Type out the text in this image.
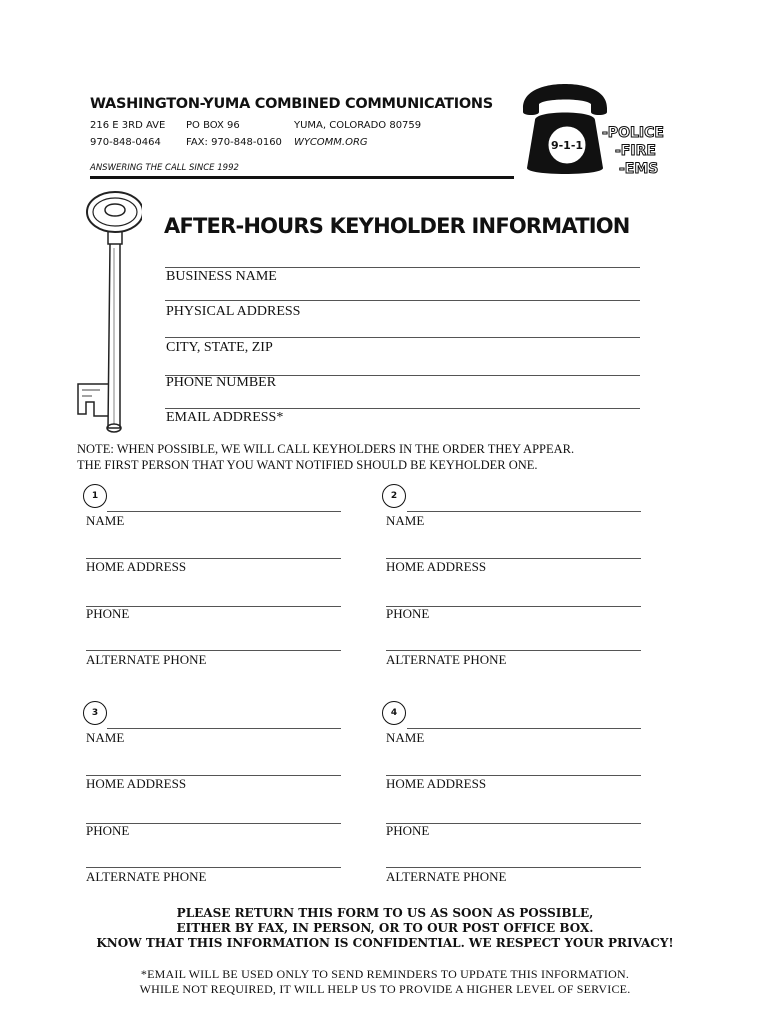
WASHINGTON-YUMA COMBINED COMMUNICATIONS
216 E 3RD AVE PO BOX 96	YUMA, COLORADO 80759
970-848-0464	FAX: 970-848-0160 WYCOMM.ORG
ANSWERING THE CALL SINCE 1992
9-1-1
-POLICE
-FIRE
-EMS
AFTER-HOURS KEYHOLDER INFORMATION
BUSINESS NAME
PHYSICAL ADDRESS
CITY, STATE, ZIP
PHONE NUMBER
EMAIL ADDRESS*
NOTE: WHEN POSSIBLE, WE WILL CALL KEYHOLDERS IN THE ORDER THEY APPEAR.
THE FIRST PERSON THAT YOU WANT NOTIFIED SHOULD BE KEYHOLDER ONE.
1
NAME
HOME ADDRESS
PHONE
ALTERNATE PHONE
2
NAME
HOME ADDRESS
PHONE
ALTERNATE PHONE
3
NAME
HOME ADDRESS
PHONE
ALTERNATE PHONE
4
NAME
HOME ADDRESS
PHONE
ALTERNATE PHONE
PLEASE RETURN THIS FORM TO US AS SOON AS POSSIBLE,
EITHER BY FAX, IN PERSON, OR TO OUR POST OFFICE BOX.
KNOW THAT THIS INFORMATION IS CONFIDENTIAL. WE RESPECT YOUR PRIVACY!
*EMAIL WILL BE USED ONLY TO SEND REMINDERS TO UPDATE THIS INFORMATION.
WHILE NOT REQUIRED, IT WILL HELP US TO PROVIDE A HIGHER LEVEL OF SERVICE.
